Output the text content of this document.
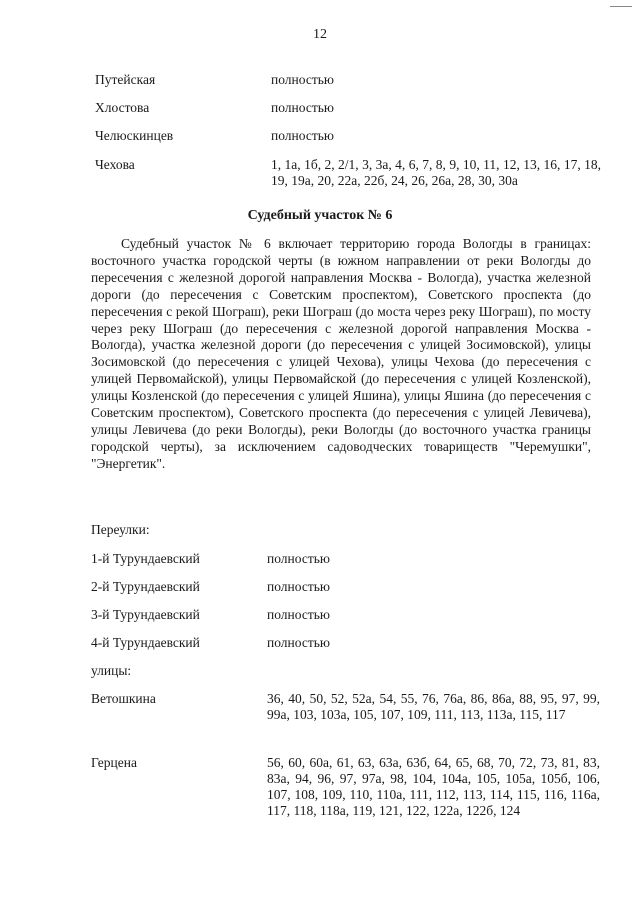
12
Путейская	полностью
Хлостова	полностью
Челюскинцев	полностью
Чехова	1, 1а, 1б, 2, 2/1, 3, 3а, 4, 6, 7, 8, 9, 10, 11, 12, 13, 16, 17, 18, 19, 19а, 20, 22а, 22б, 24, 26, 26а, 28, 30, 30а
Судебный участок № 6
Судебный участок № 6 включает территорию города Вологды в границах: восточного участка городской черты (в южном направлении от реки Вологды до пересечения с железной дорогой направления Москва - Вологда), участка железной дороги (до пересечения с Советским проспектом), Советского проспекта (до пересечения с рекой Шограш), реки Шограш (до моста через реку Шограш), по мосту через реку Шограш (до пересечения с железной дорогой направления Москва - Вологда), участка железной дороги (до пересечения с улицей Зосимовской), улицы Зосимовской (до пересечения с улицей Чехова), улицы Чехова (до пересечения с улицей Первомайской), улицы Первомайской (до пересечения с улицей Козленской), улицы Козленской (до пересечения с улицей Яшина), улицы Яшина (до пересечения с Советским проспектом), Советского проспекта (до пересечения с улицей Левичева), улицы Левичева (до реки Вологды), реки Вологды (до восточного участка границы городской черты), за исключением садоводческих товариществ "Черемушки", "Энергетик".
Переулки:
1-й Турундаевский	полностью
2-й Турундаевский	полностью
3-й Турундаевский	полностью
4-й Турундаевский	полностью
улицы:
Ветошкина	36, 40, 50, 52, 52а, 54, 55, 76, 76а, 86, 86а, 88, 95, 97, 99, 99а, 103, 103а, 105, 107, 109, 111, 113, 113а, 115, 117
Герцена	56, 60, 60а, 61, 63, 63а, 63б, 64, 65, 68, 70, 72, 73, 81, 83, 83а, 94, 96, 97, 97а, 98, 104, 104а, 105, 105а, 105б, 106, 107, 108, 109, 110, 110а, 111, 112, 113, 114, 115, 116, 116а, 117, 118, 118а, 119, 121, 122, 122а, 122б, 124
